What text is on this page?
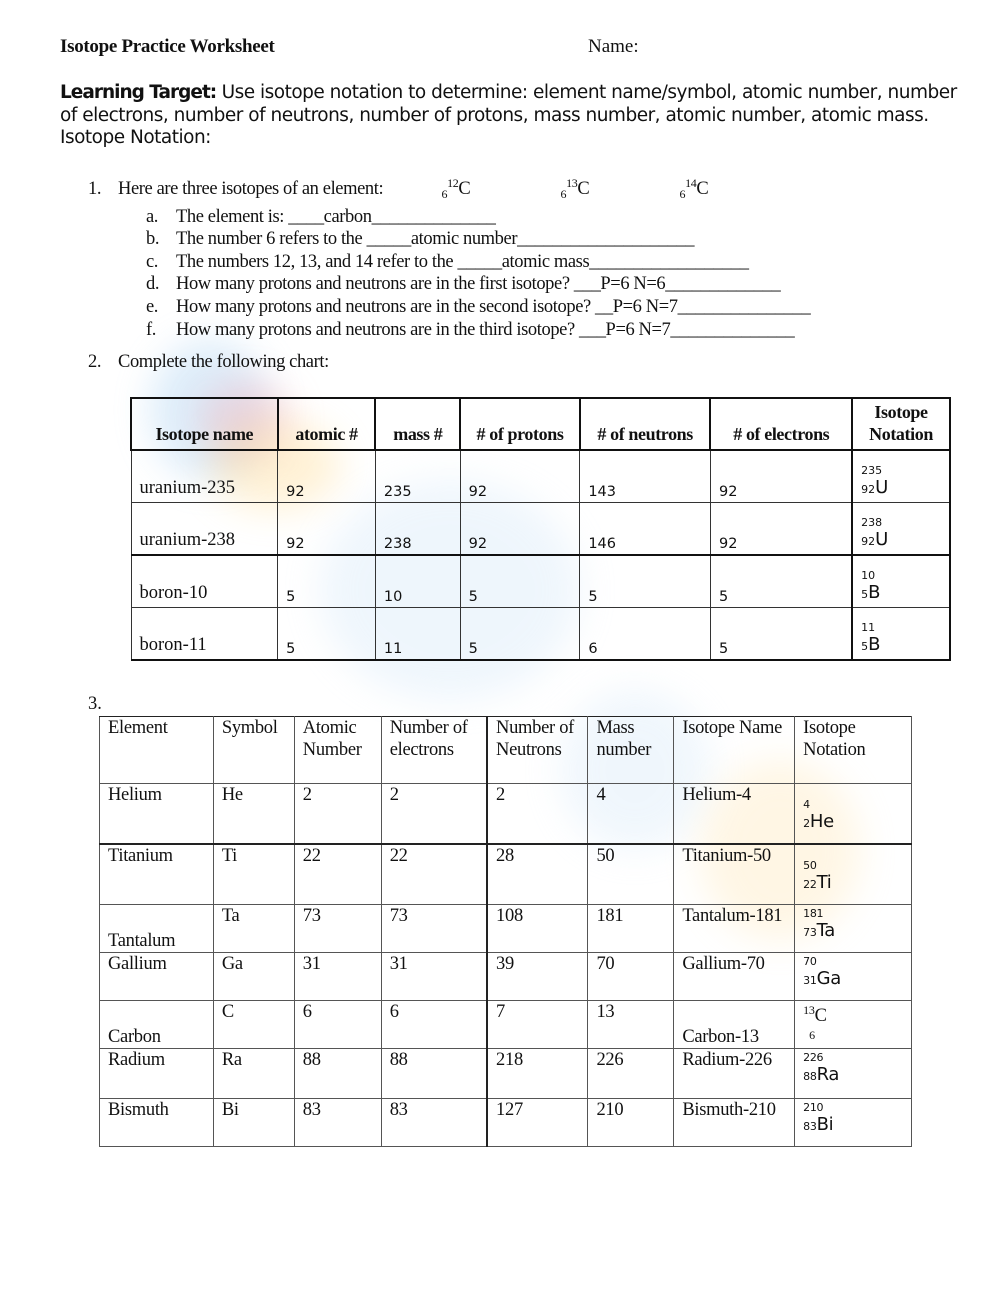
Isotope Practice Worksheet	Name:
Learning Target: Use isotope notation to determine: element name/symbol, atomic number, number of electrons, number of neutrons, number of protons, mass number, atomic number, atomic mass.
Isotope Notation:
1. Here are three isotopes of an element:	$_6^{12}$C	$_6^{13}$C	$_6^{14}$C
a. The element is: ____carbon______________
b. The number 6 refers to the _____atomic number____________________
c. The numbers 12, 13, and 14 refer to the _____atomic mass__________________
d. How many protons and neutrons are in the first isotope? ___P=6 N=6_____________
e. How many protons and neutrons are in the second isotope? __P=6 N=7_______________
f. How many protons and neutrons are in the third isotope? ___P=6 N=7______________
2. Complete the following chart:
Isotope name	atomic #	mass #	# of protons	# of neutrons	# of electrons	Isotope Notation
uranium-235	92	235	92	143	92	235
92U
uranium-238	92	238	92	146	92	238
92U
boron-10	5	10	5	5	5	10
5B
boron-11	5	11	5	6	5	11
5B
3.
Element	Symbol	Atomic Number	Number of electrons	Number of Neutrons	Mass number	Isotope Name	Isotope Notation
Helium	He	2	2	2	4	Helium-4	4
2He
Titanium	Ti	22	22	28	50	Titanium-50	50
22Ti
Tantalum	Ta	73	73	108	181	Tantalum-181	181
73Ta
Gallium	Ga	31	31	39	70	Gallium-70	70
31Ga
Carbon	C	6	6	7	13	Carbon-13	$^{13}$C
6
Radium	Ra	88	88	218	226	Radium-226	226
88Ra
Bismuth	Bi	83	83	127	210	Bismuth-210	210
83Bi
